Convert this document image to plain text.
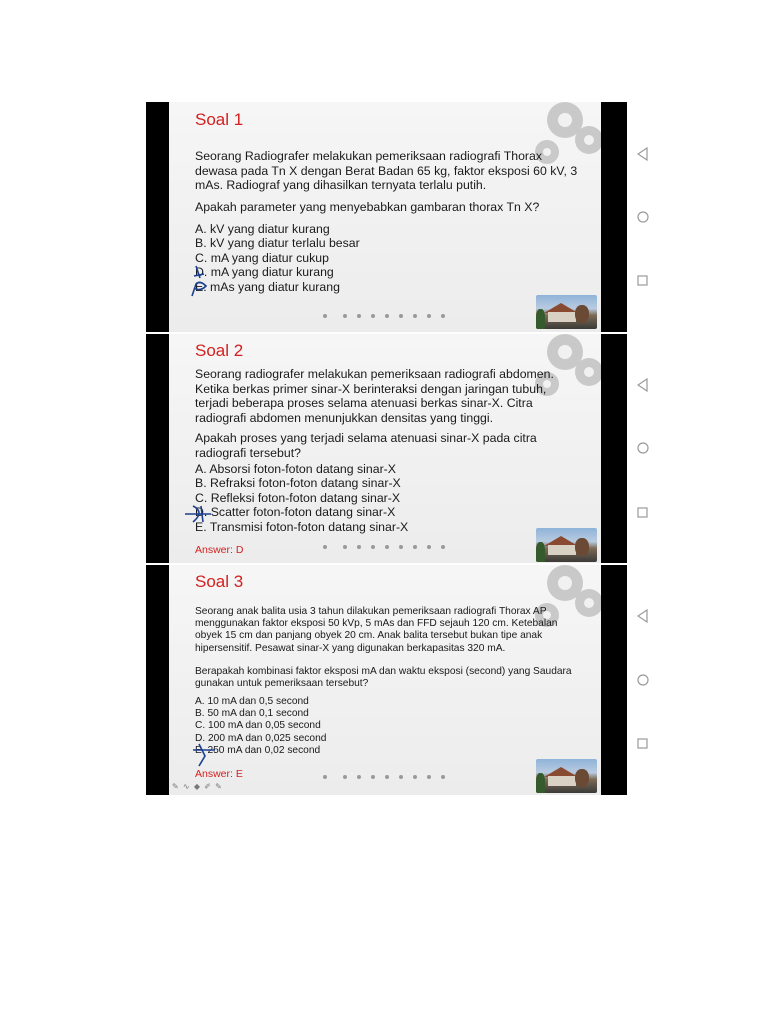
Soal 1
Seorang Radiografer melakukan pemeriksaan radiografi Thorax dewasa pada Tn X dengan Berat Badan 65 kg, faktor eksposi 60 kV, 3 mAs. Radiograf yang dihasilkan ternyata terlalu putih.
Apakah parameter yang menyebabkan gambaran thorax Tn X?
A. kV yang diatur kurang
B. kV yang diatur terlalu besar
C. mA yang diatur cukup
D. mA yang diatur kurang
E. mAs yang diatur kurang
Soal 2
Seorang radiografer melakukan pemeriksaan radiografi abdomen. Ketika berkas primer sinar-X berinteraksi dengan jaringan tubuh, terjadi beberapa proses selama atenuasi berkas sinar-X. Citra radiografi abdomen menunjukkan densitas yang tinggi.
Apakah proses yang terjadi selama atenuasi sinar-X pada citra radiografi tersebut?
A. Absorsi foton-foton datang sinar-X
B. Refraksi foton-foton datang sinar-X
C. Refleksi foton-foton datang sinar-X
D. Scatter foton-foton datang sinar-X
E. Transmisi foton-foton datang sinar-X
Answer: D
Soal 3
Seorang anak balita usia 3 tahun dilakukan pemeriksaan radiografi Thorax AP menggunakan faktor eksposi 50 kVp, 5 mAs dan FFD sejauh 120 cm. Ketebalan obyek 15 cm dan panjang obyek 20 cm. Anak balita tersebut bukan tipe anak hipersensitif. Pesawat sinar-X yang digunakan berkapasitas 320 mA.
Berapakah kombinasi faktor eksposi mA dan waktu eksposi (second) yang Saudara gunakan untuk pemeriksaan tersebut?
A. 10 mA dan 0,5 second
B. 50 mA dan 0,1 second
C. 100 mA dan 0,05 second
D. 200 mA dan 0,025 second
E. 250 mA dan 0,02 second
Answer: E
✎ ∿ ◆ ✐ ✎
